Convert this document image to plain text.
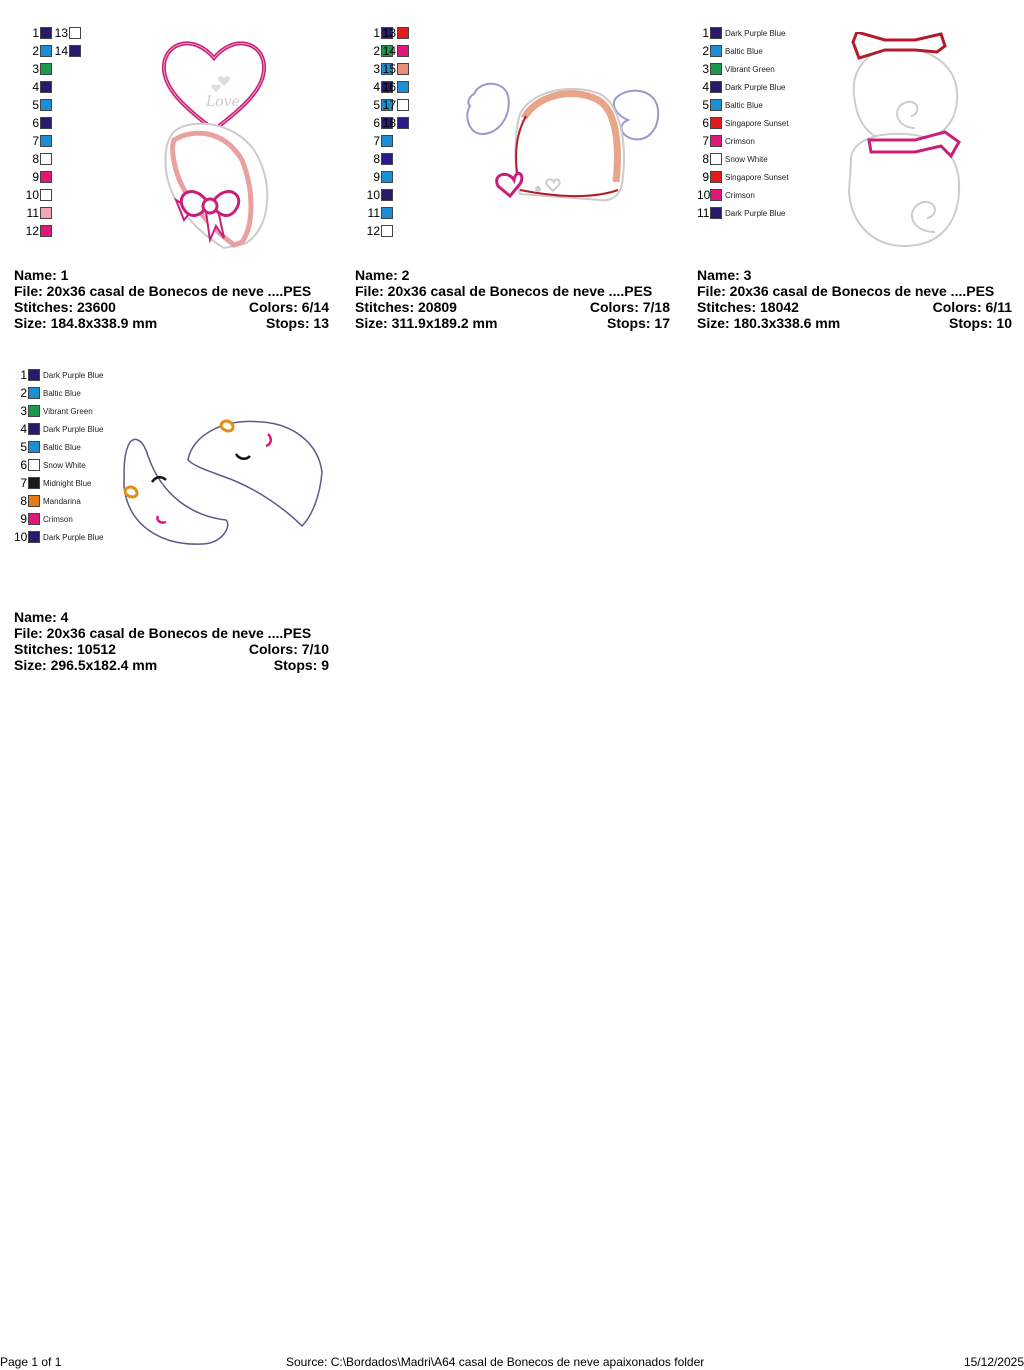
1
2
3
4
5
6
7
8
9
10
11
12
13
14
Love
Name: 1
File: 20x36 casal de Bonecos de neve ....PES
Stitches: 23600	Colors: 6/14
Size: 184.8x338.9 mm	Stops: 13
1
2
3
4
5
6
7
8
9
10
11
12
13
14
15
16
17
18
Name: 2
File: 20x36 casal de Bonecos de neve ....PES
Stitches: 20809	Colors: 7/18
Size: 311.9x189.2 mm	Stops: 17
1 Dark Purple Blue
2 Baltic Blue
3 Vibrant Green
4 Dark Purple Blue
5 Baltic Blue
6 Singapore Sunset
7 Crimson
8 Snow White
9 Singapore Sunset
10 Crimson
11 Dark Purple Blue
Name: 3
File: 20x36 casal de Bonecos de neve ....PES
Stitches: 18042	Colors: 6/11
Size: 180.3x338.6 mm	Stops: 10
1 Dark Purple Blue
2 Baltic Blue
3 Vibrant Green
4 Dark Purple Blue
5 Baltic Blue
6 Snow White
7 Midnight Blue
8 Mandarina
9 Crimson
10 Dark Purple Blue
Name: 4
File: 20x36 casal de Bonecos de neve ....PES
Stitches: 10512	Colors: 7/10
Size: 296.5x182.4 mm	Stops: 9
Page 1 of 1	Source: C:\Bordados\Madri\A64 casal de Bonecos de neve apaixonados folder	15/12/2025
